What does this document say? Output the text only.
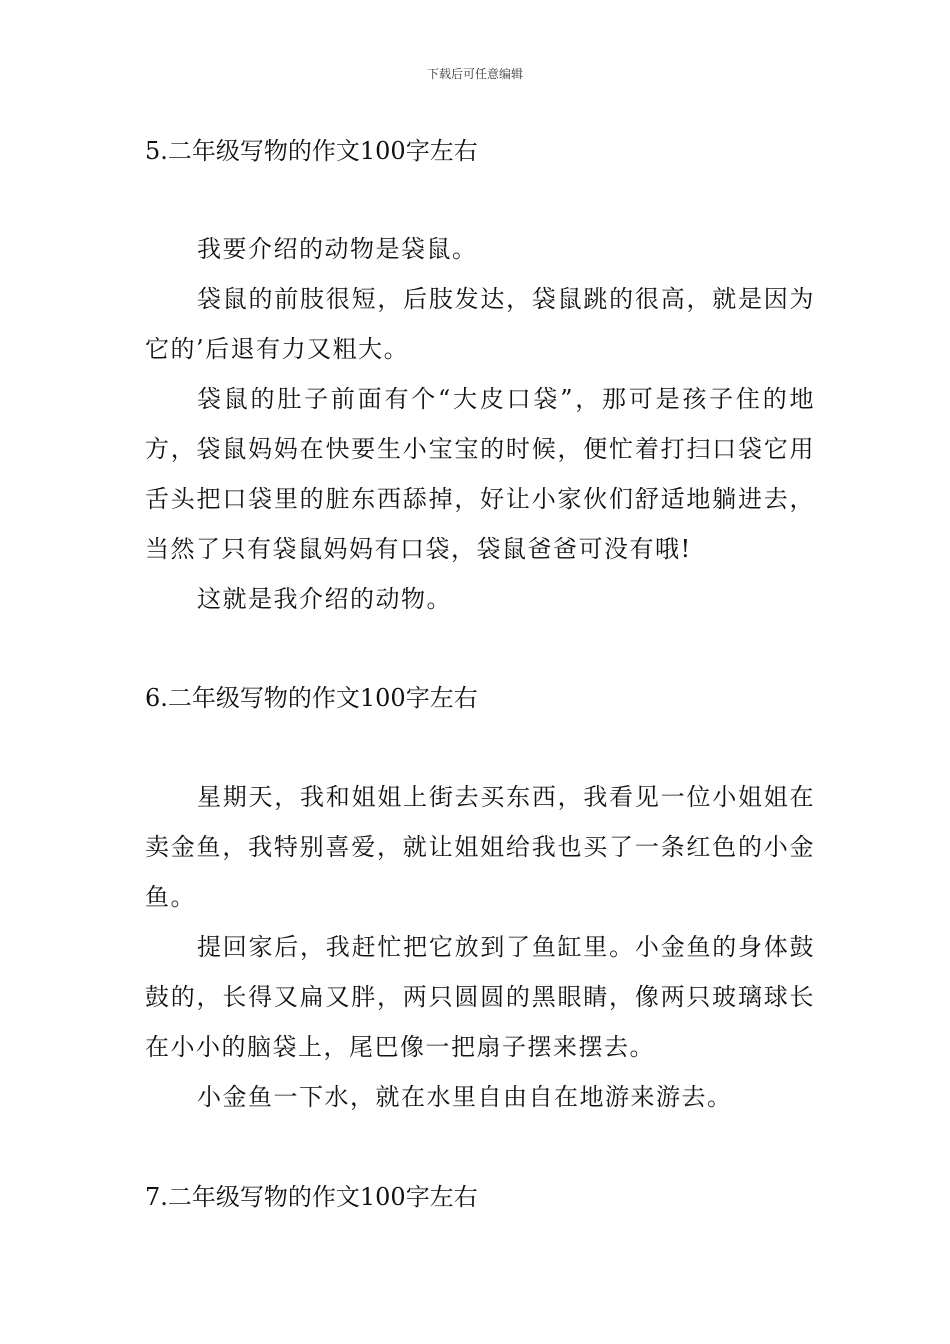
下载后可任意编辑
5.二年级写物的作文100字左右

我要介绍的动物是袋鼠。

袋鼠的前肢很短，后肢发达，袋鼠跳的很高，就是因为它的’后退有力又粗大。

袋鼠的肚子前面有个“大皮口袋”，那可是孩子住的地方，袋鼠妈妈在快要生小宝宝的时候，便忙着打扫口袋它用舌头把口袋里的脏东西舔掉，好让小家伙们舒适地躺进去，当然了只有袋鼠妈妈有口袋，袋鼠爸爸可没有哦!

这就是我介绍的动物。

6.二年级写物的作文100字左右

星期天，我和姐姐上街去买东西，我看见一位小姐姐在卖金鱼，我特别喜爱，就让姐姐给我也买了一条红色的小金鱼。

提回家后，我赶忙把它放到了鱼缸里。小金鱼的身体鼓鼓的，长得又扁又胖，两只圆圆的黑眼睛，像两只玻璃球长在小小的脑袋上，尾巴像一把扇子摆来摆去。

小金鱼一下水，就在水里自由自在地游来游去。

7.二年级写物的作文100字左右
